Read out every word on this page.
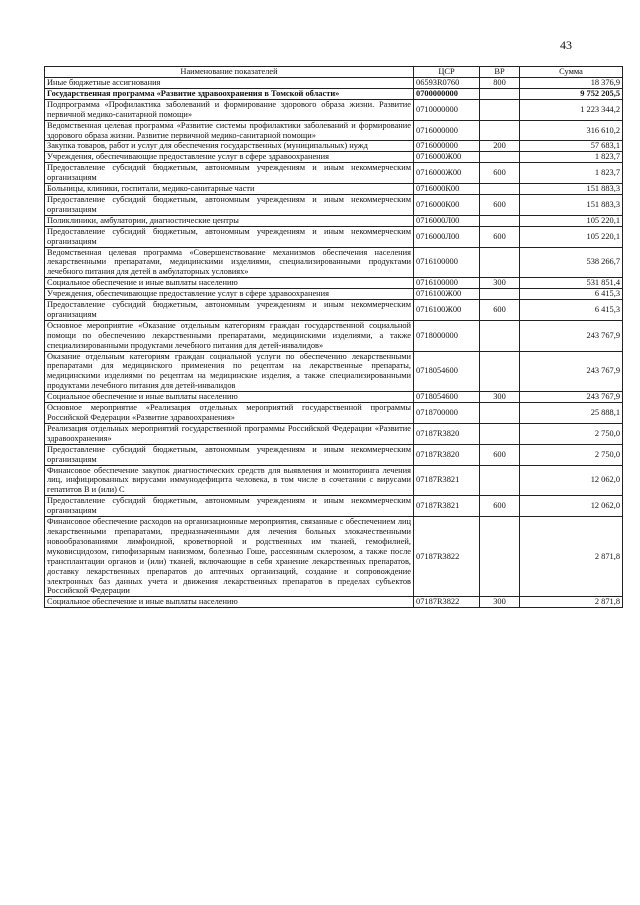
43
Наименование показателей	ЦСР	ВР	Сумма
Иные бюджетные ассигнования	06593R0760	800	18 376,9
Государственная программа «Развитие здравоохранения в Томской области»	0700000000		9 752 205,5
Подпрограмма «Профилактика заболеваний и формирование здорового образа жизни. Развитие первичной медико-санитарной помощи»	0710000000		1 223 344,2
Ведомственная целевая программа «Развитие системы профилактики заболеваний и формирование здорового образа жизни. Развитие первичной медико-санитарной помощи»	0716000000		316 610,2
Закупка товаров, работ и услуг для обеспечения государственных (муниципальных) нужд	0716000000	200	57 683,1
Учреждения, обеспечивающие предоставление услуг в сфере здравоохранения	0716000Ж00		1 823,7
Предоставление субсидий бюджетным, автономным учреждениям и иным некоммерческим организациям	0716000Ж00	600	1 823,7
Больницы, клиники, госпитали, медико-санитарные части	0716000К00		151 883,3
Предоставление субсидий бюджетным, автономным учреждениям и иным некоммерческим организациям	0716000К00	600	151 883,3
Поликлиники, амбулатории, диагностические центры	0716000Л00		105 220,1
Предоставление субсидий бюджетным, автономным учреждениям и иным некоммерческим организациям	0716000Л00	600	105 220,1
Ведомственная целевая программа «Совершенствование механизмов обеспечения населения лекарственными препаратами, медицинскими изделиями, специализированными продуктами лечебного питания для детей в амбулаторных условиях»	0716100000		538 266,7
Социальное обеспечение и иные выплаты населению	0716100000	300	531 851,4
Учреждения, обеспечивающие предоставление услуг в сфере здравоохранения	0716100Ж00		6 415,3
Предоставление субсидий бюджетным, автономным учреждениям и иным некоммерческим организациям	0716100Ж00	600	6 415,3
Основное мероприятие «Оказание отдельным категориям граждан государственной социальной помощи по обеспечению лекарственными препаратами, медицинскими изделиями, а также специализированными продуктами лечебного питания для детей-инвалидов»	0718000000		243 767,9
Оказание отдельным категориям граждан социальной услуги по обеспечению лекарственными препаратами для медицинского применения по рецептам на лекарственные препараты, медицинскими изделиями по рецептам на медицинские изделия, а также специализированными продуктами лечебного питания для детей-инвалидов	0718054600		243 767,9
Социальное обеспечение и иные выплаты населению	0718054600	300	243 767,9
Основное мероприятие «Реализация отдельных мероприятий государственной программы Российской Федерации «Развитие здравоохранения»	0718700000		25 888,1
Реализация отдельных мероприятий государственной программы Российской Федерации «Развитие здравоохранения»	07187R3820		2 750,0
Предоставление субсидий бюджетным, автономным учреждениям и иным некоммерческим организациям	07187R3820	600	2 750,0
Финансовое обеспечение закупок диагностических средств для выявления и мониторинга лечения лиц, инфицированных вирусами иммунодефицита человека, в том числе в сочетании с вирусами гепатитов В и (или) С	07187R3821		12 062,0
Предоставление субсидий бюджетным, автономным учреждениям и иным некоммерческим организациям	07187R3821	600	12 062,0
Финансовое обеспечение расходов на организационные мероприятия, связанные с обеспечением лиц лекарственными препаратами, предназначенными для лечения больных злокачественными новообразованиями лимфоидной, кроветворной и родственных им тканей, гемофилией, муковисцидозом, гипофизарным нанизмом, болезнью Гоше, рассеянным склерозом, а также после трансплантации органов и (или) тканей, включающие в себя хранение лекарственных препаратов, доставку лекарственных препаратов до аптечных организаций, создание и сопровождение электронных баз данных учета и движения лекарственных препаратов в пределах субъектов Российской Федерации	07187R3822		2 871,8
Социальное обеспечение и иные выплаты населению	07187R3822	300	2 871,8
